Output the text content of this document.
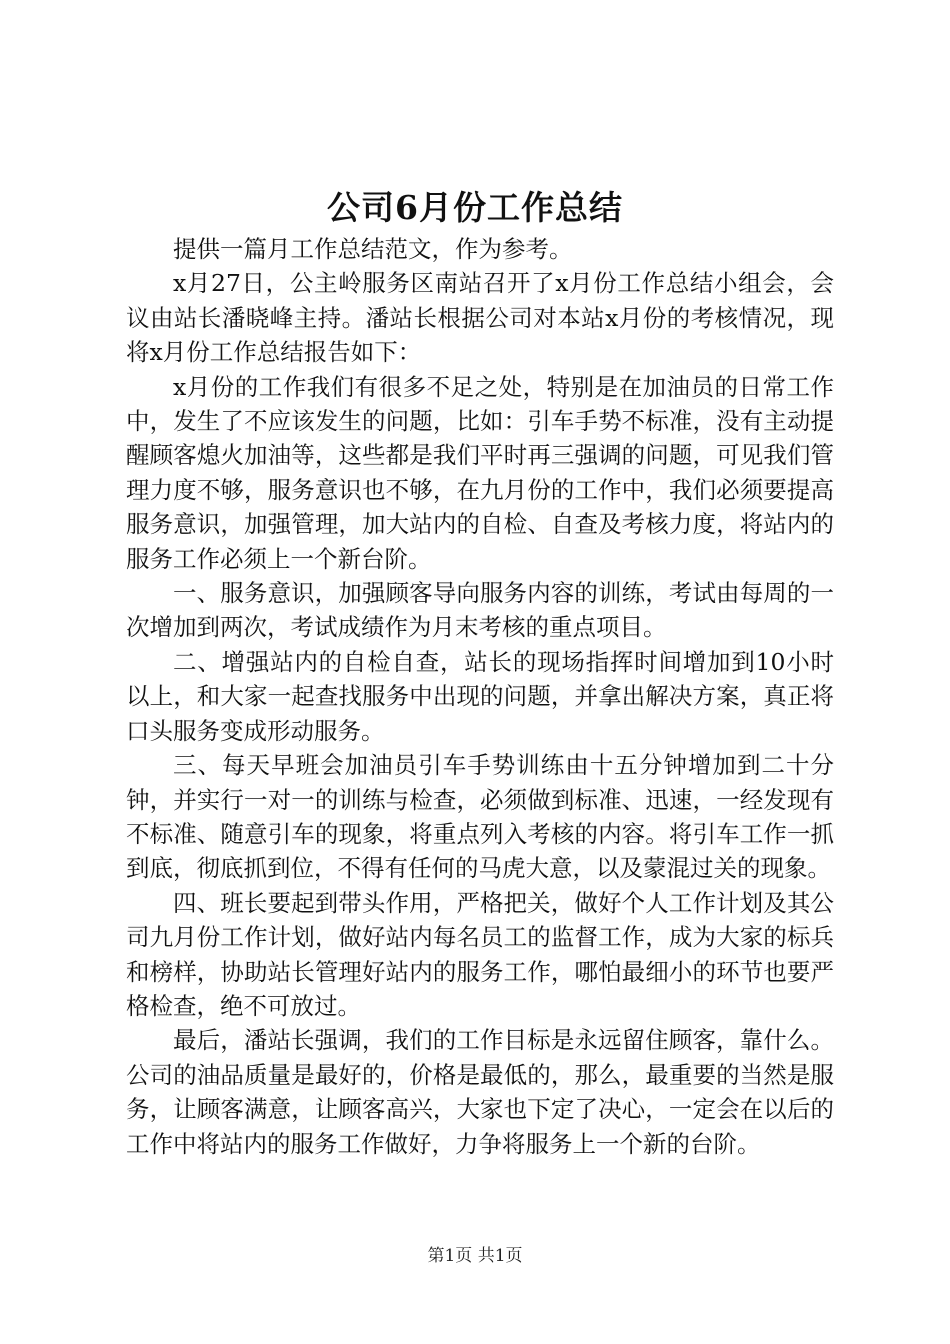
公司6月份工作总结

提供一篇月工作总结范文，作为参考。

x月27日，公主岭服务区南站召开了x月份工作总结小组会，会议由站长潘晓峰主持。潘站长根据公司对本站x月份的考核情况，现将x月份工作总结报告如下：

x月份的工作我们有很多不足之处，特别是在加油员的日常工作中，发生了不应该发生的问题，比如：引车手势不标准，没有主动提醒顾客熄火加油等，这些都是我们平时再三强调的问题，可见我们管理力度不够，服务意识也不够，在九月份的工作中，我们必须要提高服务意识，加强管理，加大站内的自检、自查及考核力度，将站内的服务工作必须上一个新台阶。

一、服务意识，加强顾客导向服务内容的训练，考试由每周的一次增加到两次，考试成绩作为月末考核的重点项目。

二、增强站内的自检自查，站长的现场指挥时间增加到10小时以上，和大家一起查找服务中出现的问题，并拿出解决方案，真正将口头服务变成形动服务。

三、每天早班会加油员引车手势训练由十五分钟增加到二十分钟，并实行一对一的训练与检查，必须做到标准、迅速，一经发现有不标准、随意引车的现象，将重点列入考核的内容。将引车工作一抓到底，彻底抓到位，不得有任何的马虎大意，以及蒙混过关的现象。

四、班长要起到带头作用，严格把关，做好个人工作计划及其公司九月份工作计划，做好站内每名员工的监督工作，成为大家的标兵和榜样，协助站长管理好站内的服务工作，哪怕最细小的环节也要严格检查，绝不可放过。

最后，潘站长强调，我们的工作目标是永远留住顾客，靠什么。公司的油品质量是最好的，价格是最低的，那么，最重要的当然是服务，让顾客满意，让顾客高兴，大家也下定了决心，一定会在以后的工作中将站内的服务工作做好，力争将服务上一个新的台阶。

第1页 共1页
